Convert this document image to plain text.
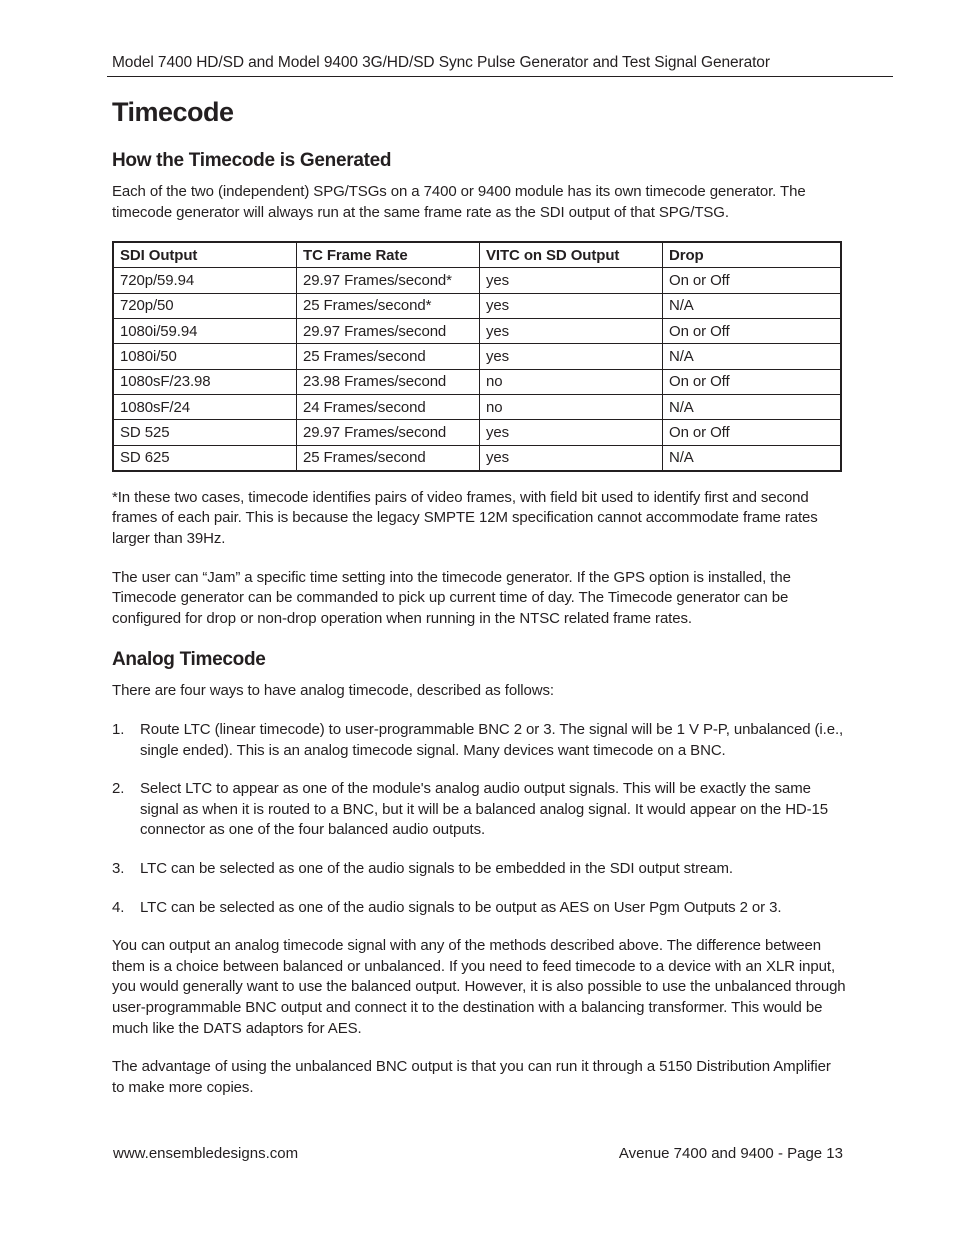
Model 7400 HD/SD and Model 9400 3G/HD/SD Sync Pulse Generator and Test Signal Generator
Timecode
How the Timecode is Generated

Each of the two (independent) SPG/TSGs on a 7400 or 9400 module has its own timecode generator. The timecode generator will always run at the same frame rate as the SDI output of that SPG/TSG.

SDI Output	TC Frame Rate	VITC on SD Output	Drop
720p/59.94	29.97 Frames/second*	yes	On or Off
720p/50	25 Frames/second*	yes	N/A
1080i/59.94	29.97 Frames/second	yes	On or Off
1080i/50	25 Frames/second	yes	N/A
1080sF/23.98	23.98 Frames/second	no	On or Off
1080sF/24	24 Frames/second	no	N/A
SD 525	29.97 Frames/second	yes	On or Off
SD 625	25 Frames/second	yes	N/A

*In these two cases, timecode identifies pairs of video frames, with field bit used to identify first and second frames of each pair. This is because the legacy SMPTE 12M specification cannot accommodate frame rates larger than 39Hz.

The user can “Jam” a specific time setting into the timecode generator. If the GPS option is installed, the Timecode generator can be commanded to pick up current time of day. The Timecode generator can be configured for drop or non-drop operation when running in the NTSC related frame rates.

Analog Timecode

There are four ways to have analog timecode, described as follows:

1. Route LTC (linear timecode) to user-programmable BNC 2 or 3. The signal will be 1 V P-P, unbalanced (i.e., single ended). This is an analog timecode signal. Many devices want timecode on a BNC.
2. Select LTC to appear as one of the module's analog audio output signals. This will be exactly the same signal as when it is routed to a BNC, but it will be a balanced analog signal. It would appear on the HD-15 connector as one of the four balanced audio outputs.
3. LTC can be selected as one of the audio signals to be embedded in the SDI output stream.
4. LTC can be selected as one of the audio signals to be output as AES on User Pgm Outputs 2 or 3.

You can output an analog timecode signal with any of the methods described above. The difference between them is a choice between balanced or unbalanced. If you need to feed timecode to a device with an XLR input, you would generally want to use the balanced output. However, it is also possible to use the unbalanced through user-programmable BNC output and connect it to the destination with a balancing transformer. This would be much like the DATS adaptors for AES.

The advantage of using the unbalanced BNC output is that you can run it through a 5150 Distribution Amplifier to make more copies.

www.ensembledesigns.com	Avenue 7400 and 9400 - Page 13
